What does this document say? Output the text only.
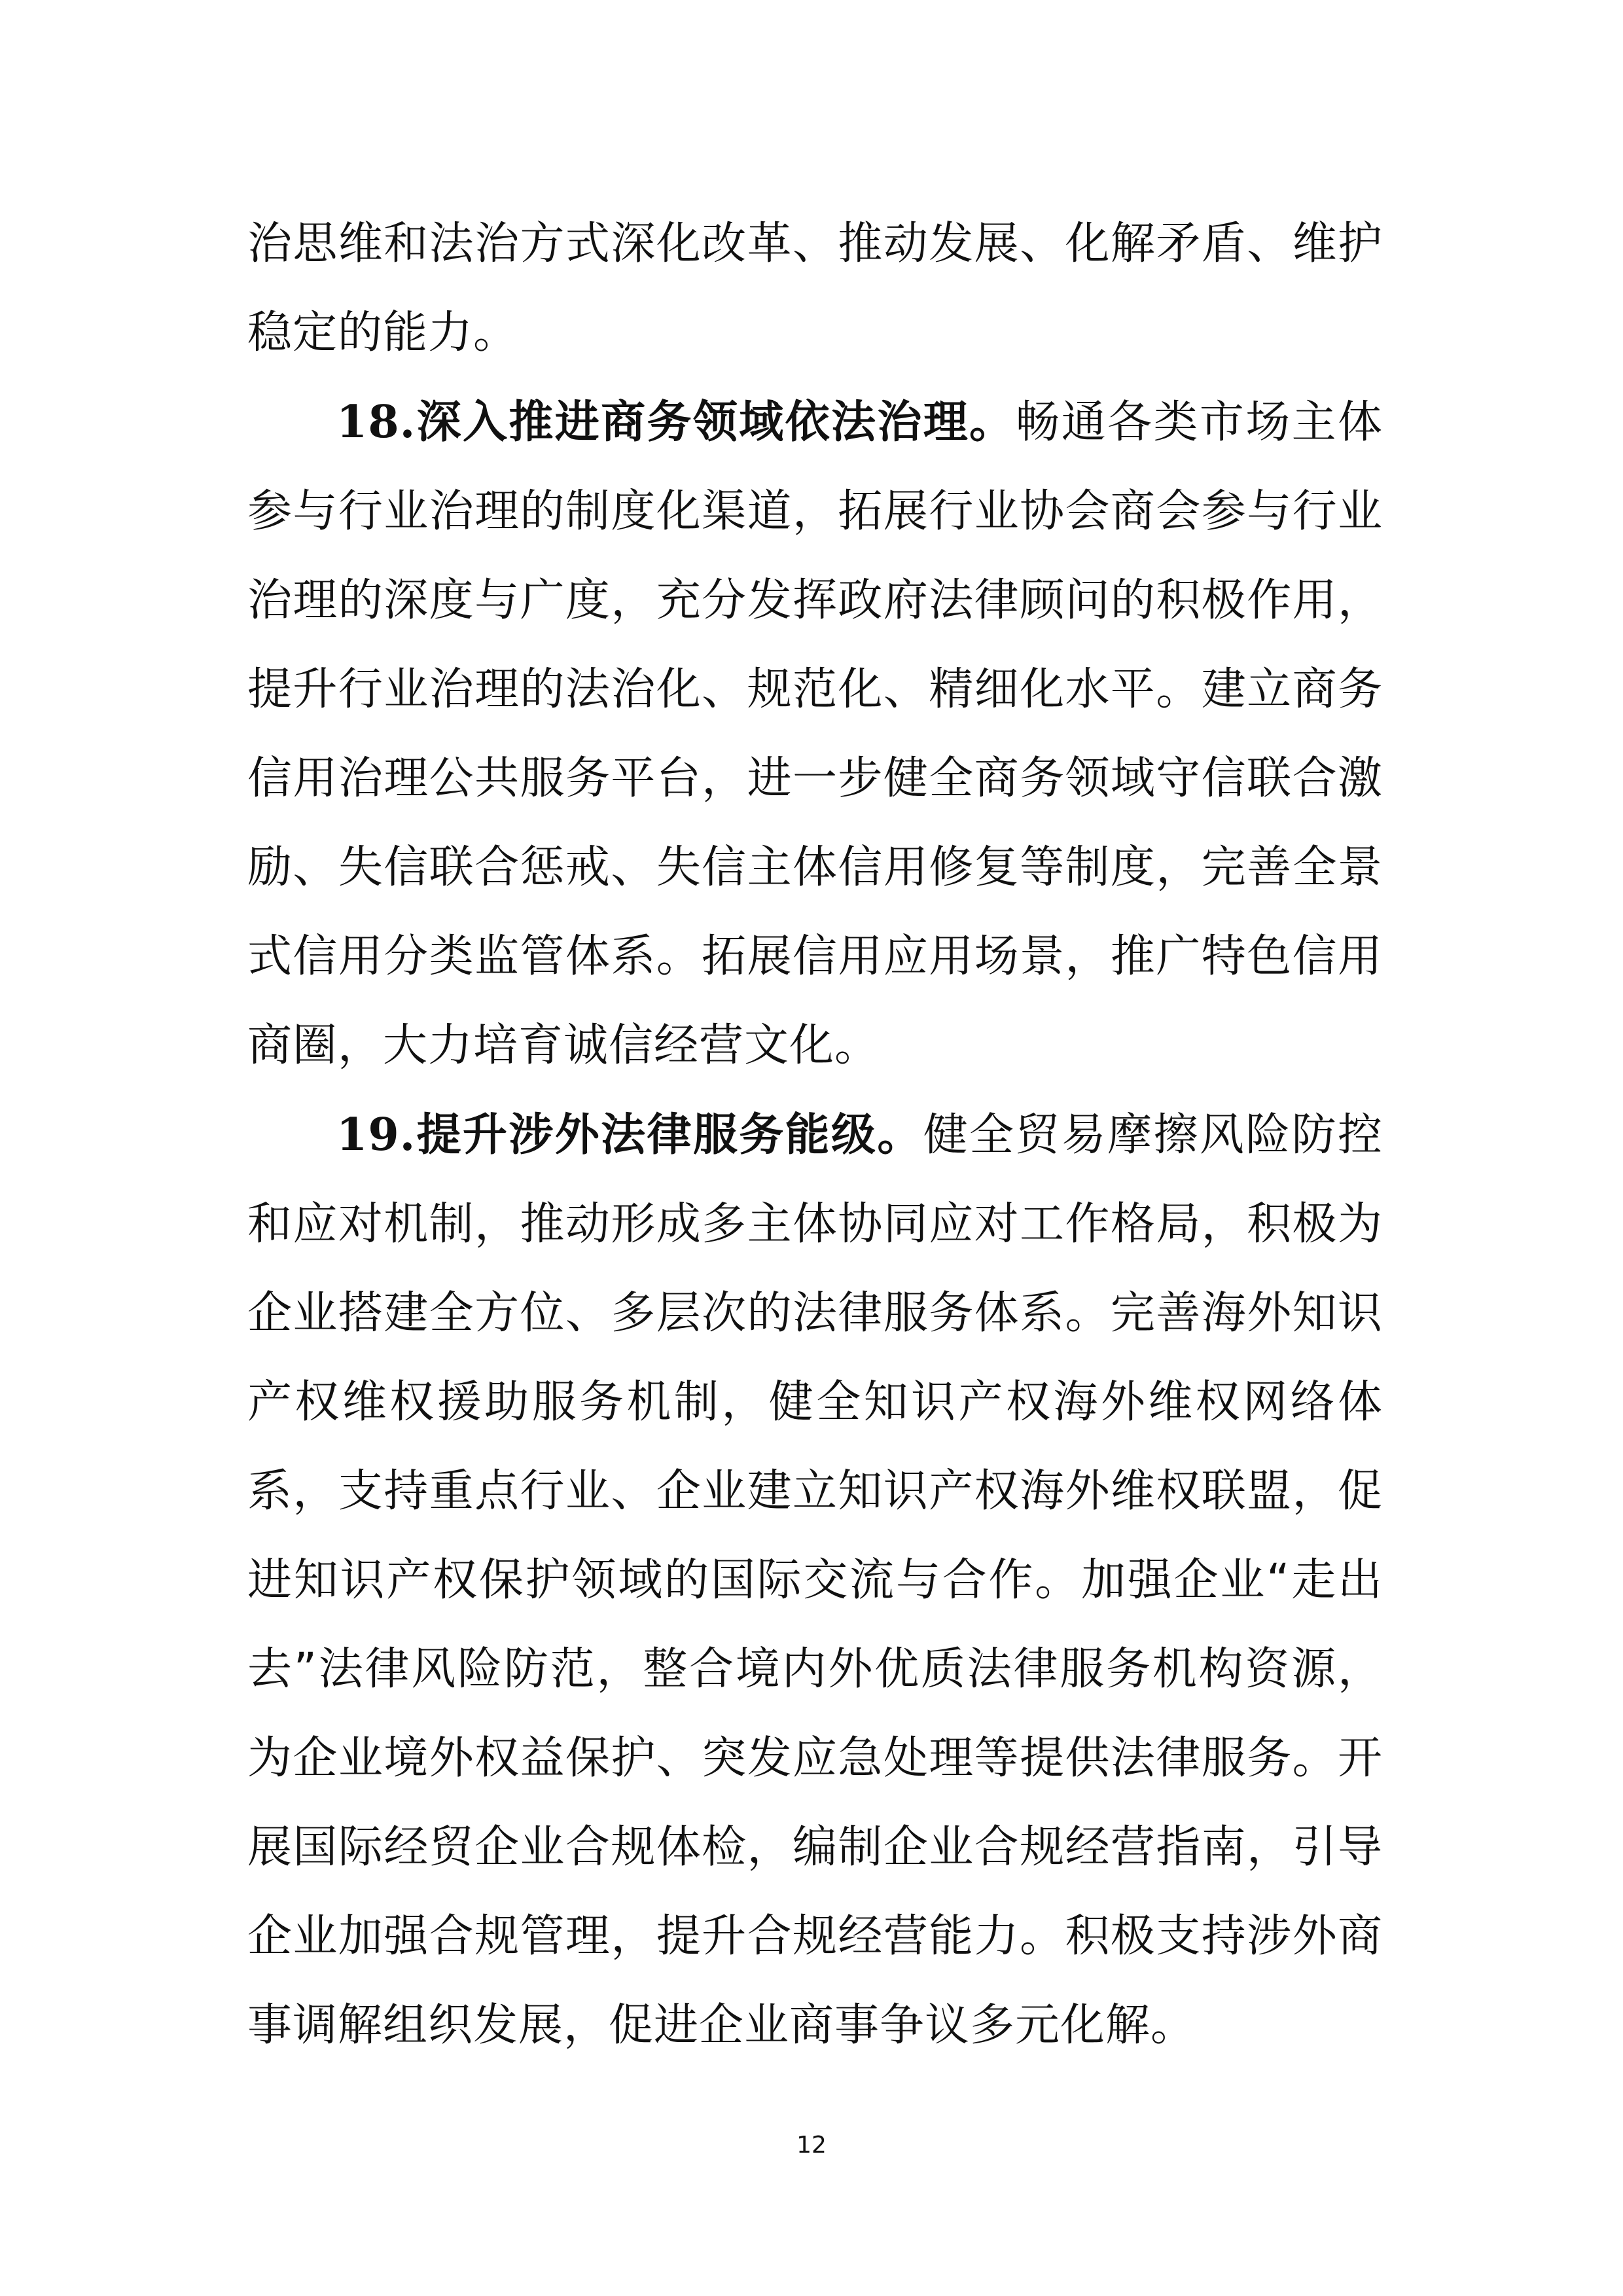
治思维和法治方式深化改革、推动发展、化解矛盾、维护稳定的能力。

18.深入推进商务领域依法治理。畅通各类市场主体参与行业治理的制度化渠道，拓展行业协会商会参与行业治理的深度与广度，充分发挥政府法律顾问的积极作用，提升行业治理的法治化、规范化、精细化水平。建立商务信用治理公共服务平台，进一步健全商务领域守信联合激励、失信联合惩戒、失信主体信用修复等制度，完善全景式信用分类监管体系。拓展信用应用场景，推广特色信用商圈，大力培育诚信经营文化。

19.提升涉外法律服务能级。健全贸易摩擦风险防控和应对机制，推动形成多主体协同应对工作格局，积极为企业搭建全方位、多层次的法律服务体系。完善海外知识产权维权援助服务机制，健全知识产权海外维权网络体系，支持重点行业、企业建立知识产权海外维权联盟，促进知识产权保护领域的国际交流与合作。加强企业“走出去”法律风险防范，整合境内外优质法律服务机构资源，为企业境外权益保护、突发应急处理等提供法律服务。开展国际经贸企业合规体检，编制企业合规经营指南，引导企业加强合规管理，提升合规经营能力。积极支持涉外商事调解组织发展，促进企业商事争议多元化解。

12
